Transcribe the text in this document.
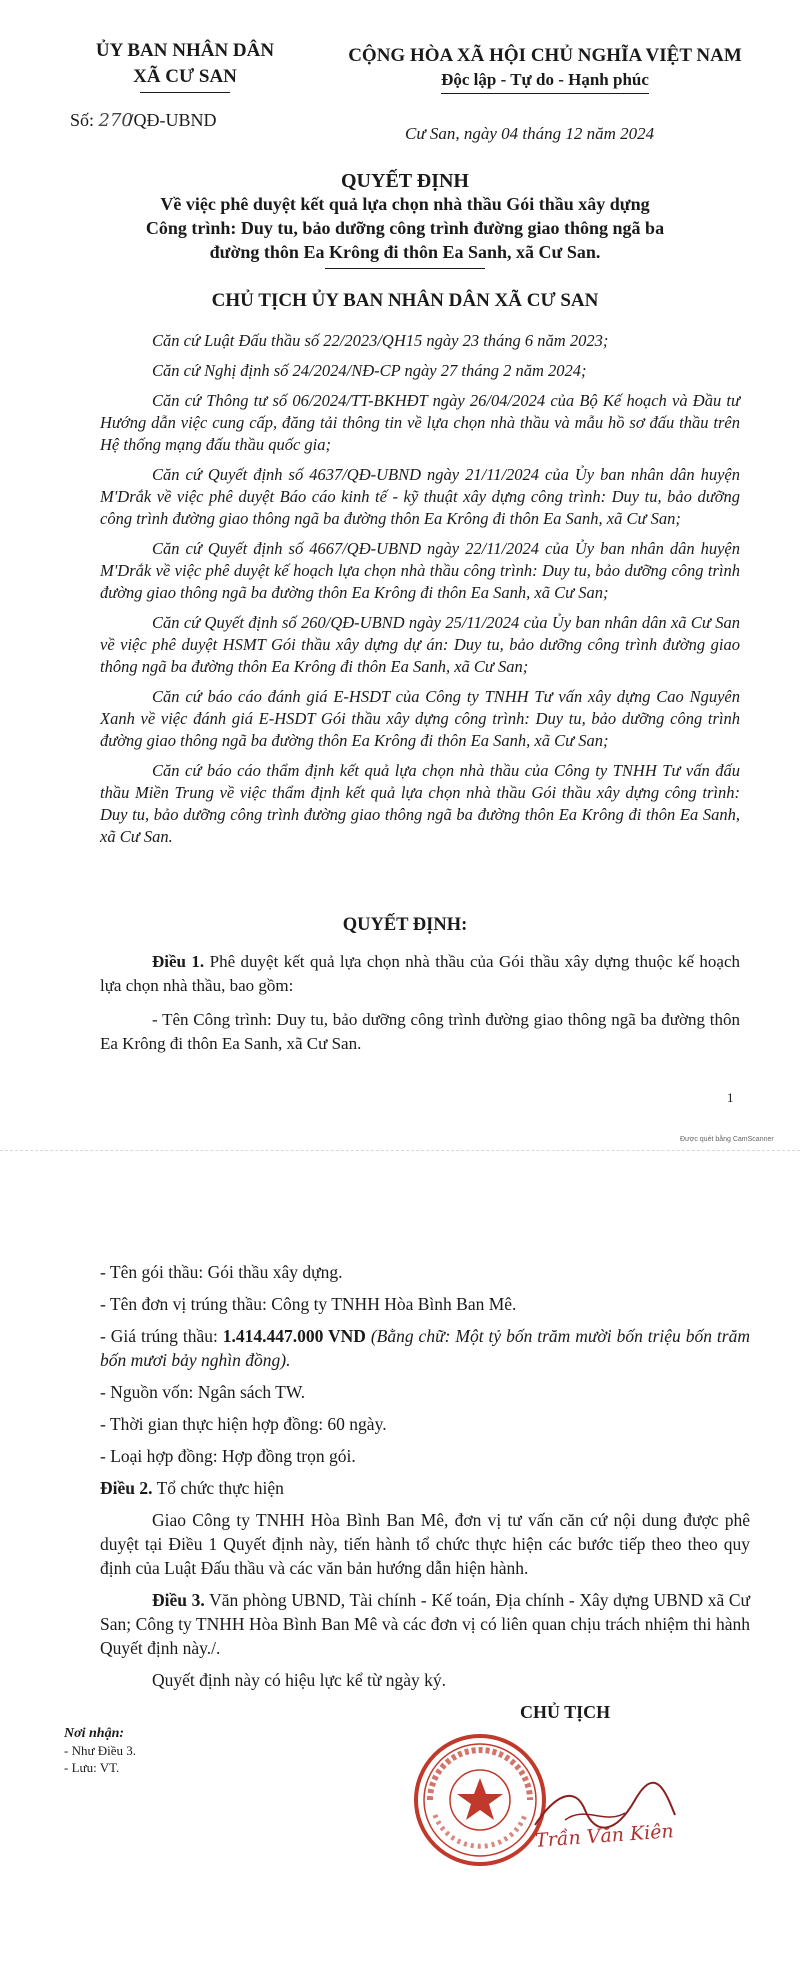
ỦY BAN NHÂN DÂN
XÃ CƯ SAN
CỘNG HÒA XÃ HỘI CHỦ NGHĨA VIỆT NAM
Độc lập - Tự do - Hạnh phúc
Số: 270/QĐ-UBND
Cư San, ngày 04 tháng 12 năm 2024
QUYẾT ĐỊNH
Về việc phê duyệt kết quả lựa chọn nhà thầu Gói thầu xây dựng
Công trình: Duy tu, bảo dưỡng công trình đường giao thông ngã ba
đường thôn Ea Krông đi thôn Ea Sanh, xã Cư San.
CHỦ TỊCH ỦY BAN NHÂN DÂN XÃ CƯ SAN

Căn cứ Luật Đấu thầu số 22/2023/QH15 ngày 23 tháng 6 năm 2023;

Căn cứ Nghị định số 24/2024/NĐ-CP ngày 27 tháng 2 năm 2024;

Căn cứ Thông tư số 06/2024/TT-BKHĐT ngày 26/04/2024 của Bộ Kế hoạch và Đầu tư Hướng dẫn việc cung cấp, đăng tải thông tin về lựa chọn nhà thầu và mẫu hồ sơ đấu thầu trên Hệ thống mạng đấu thầu quốc gia;

Căn cứ Quyết định số 4637/QĐ-UBND ngày 21/11/2024 của Ủy ban nhân dân huyện M'Drắk về việc phê duyệt Báo cáo kinh tế - kỹ thuật xây dựng công trình: Duy tu, bảo dưỡng công trình đường giao thông ngã ba đường thôn Ea Krông đi thôn Ea Sanh, xã Cư San;

Căn cứ Quyết định số 4667/QĐ-UBND ngày 22/11/2024 của Ủy ban nhân dân huyện M'Drắk về việc phê duyệt kế hoạch lựa chọn nhà thầu công trình: Duy tu, bảo dưỡng công trình đường giao thông ngã ba đường thôn Ea Krông đi thôn Ea Sanh, xã Cư San;

Căn cứ Quyết định số 260/QĐ-UBND ngày 25/11/2024 của Ủy ban nhân dân xã Cư San về việc phê duyệt HSMT Gói thầu xây dựng dự án: Duy tu, bảo dưỡng công trình đường giao thông ngã ba đường thôn Ea Krông đi thôn Ea Sanh, xã Cư San;

Căn cứ báo cáo đánh giá E-HSDT của Công ty TNHH Tư vấn xây dựng Cao Nguyên Xanh về việc đánh giá E-HSDT Gói thầu xây dựng công trình: Duy tu, bảo dưỡng công trình đường giao thông ngã ba đường thôn Ea Krông đi thôn Ea Sanh, xã Cư San;

Căn cứ báo cáo thẩm định kết quả lựa chọn nhà thầu của Công ty TNHH Tư vấn đấu thầu Miền Trung về việc thẩm định kết quả lựa chọn nhà thầu Gói thầu xây dựng công trình: Duy tu, bảo dưỡng công trình đường giao thông ngã ba đường thôn Ea Krông đi thôn Ea Sanh, xã Cư San.

QUYẾT ĐỊNH:

Điều 1. Phê duyệt kết quả lựa chọn nhà thầu của Gói thầu xây dựng thuộc kế hoạch lựa chọn nhà thầu, bao gồm:

- Tên Công trình: Duy tu, bảo dưỡng công trình đường giao thông ngã ba đường thôn Ea Krông đi thôn Ea Sanh, xã Cư San.

1
Được quét bằng CamScanner

- Tên gói thầu: Gói thầu xây dựng.

- Tên đơn vị trúng thầu: Công ty TNHH Hòa Bình Ban Mê.

- Giá trúng thầu: 1.414.447.000 VND (Bằng chữ: Một tỷ bốn trăm mười bốn triệu bốn trăm bốn mươi bảy nghìn đồng).

- Nguồn vốn: Ngân sách TW.

- Thời gian thực hiện hợp đồng: 60 ngày.

- Loại hợp đồng: Hợp đồng trọn gói.

Điều 2. Tổ chức thực hiện

Giao Công ty TNHH Hòa Bình Ban Mê, đơn vị tư vấn căn cứ nội dung được phê duyệt tại Điều 1 Quyết định này, tiến hành tổ chức thực hiện các bước tiếp theo theo quy định của Luật Đấu thầu và các văn bản hướng dẫn hiện hành.

Điều 3. Văn phòng UBND, Tài chính - Kế toán, Địa chính - Xây dựng UBND xã Cư San; Công ty TNHH Hòa Bình Ban Mê và các đơn vị có liên quan chịu trách nhiệm thi hành Quyết định này./.

Quyết định này có hiệu lực kể từ ngày ký.

Nơi nhận:
- Như Điều 3.
- Lưu: VT.
CHỦ TỊCH
Trần Văn Kiên
